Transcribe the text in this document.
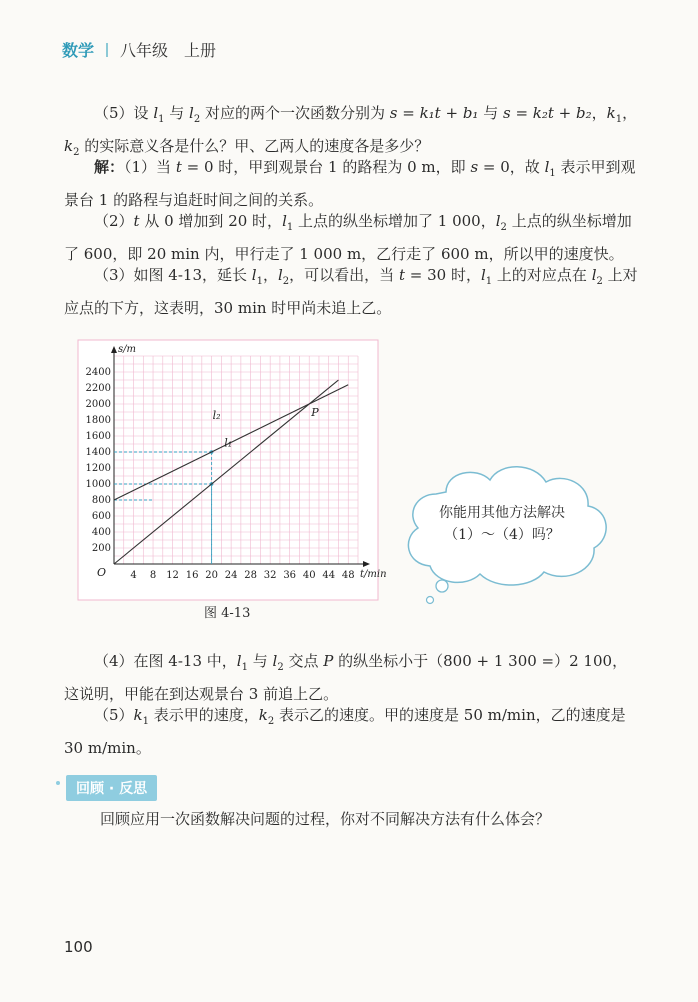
数学 八年级　上册

（5）设 $l_1$ 与 $l_2$ 对应的两个一次函数分别为 s = k₁t + b₁ 与 s = k₂t + b₂，$k_1$，$k_2$ 的实际意义各是什么？甲、乙两人的速度各是多少？

解：（1）当 t = 0 时，甲到观景台 1 的路程为 0 m，即 s = 0，故 $l_1$ 表示甲到观景台 1 的路程与追赶时间之间的关系。

（2）t 从 0 增加到 20 时，$l_1$ 上点的纵坐标增加了 1 000，$l_2$ 上点的纵坐标增加了 600，即 20 min 内，甲行走了 1 000 m，乙行走了 600 m，所以甲的速度快。

（3）如图 4-13，延长 $l_1$，$l_2$，可以看出，当 t = 30 时，$l_1$ 上的对应点在 $l_2$ 上对应点的下方，这表明，30 min 时甲尚未追上乙。

4 8 12 16 20 24 28 32 36 40 44 48
200
400
600
800
1000
1200
1400
1600
1800
2000
2200
2400
O	t/min
s/m
l₁
l₂	P
图 4-13
你能用其他方法解决
（1）～（4）吗？

（4）在图 4-13 中，$l_1$ 与 $l_2$ 交点 P 的纵坐标小于（800 + 1 300 =）2 100，这说明，甲能在到达观景台 3 前追上乙。

$(5)k_1$ 表示甲的速度，$k_2$ 表示乙的速度。甲的速度是 50 m/min，乙的速度是 30 m/min。

回顾 · 反思

回顾应用一次函数解决问题的过程，你对不同解决方法有什么体会？

100
